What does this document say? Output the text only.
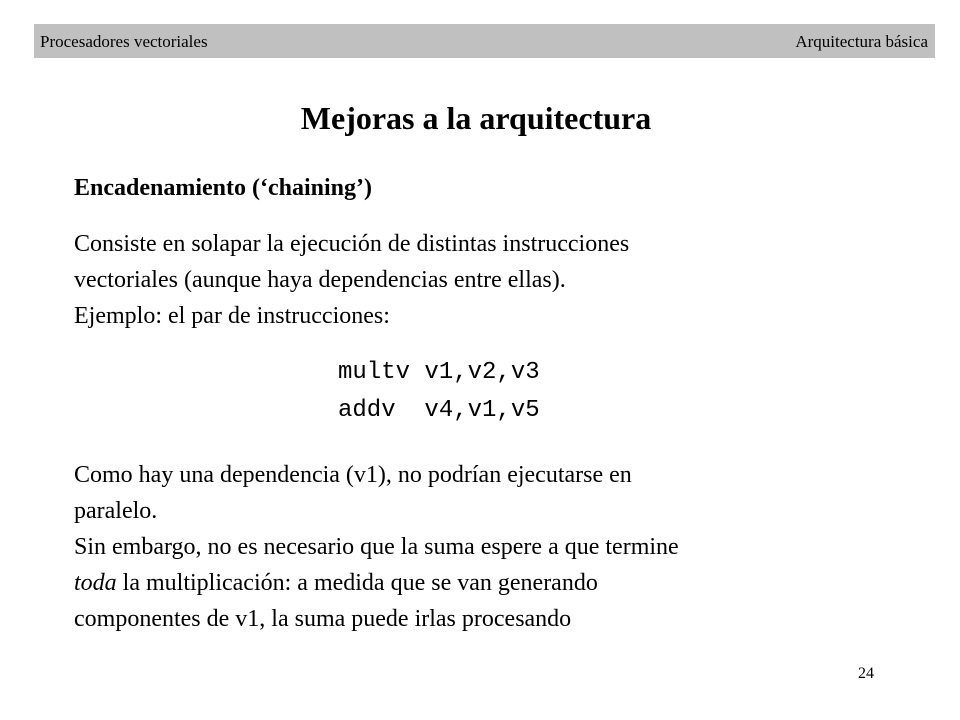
Procesadores vectoriales	Arquitectura básica
Mejoras a la arquitectura
Encadenamiento (‘chaining’)
Consiste en solapar la ejecución de distintas instrucciones
vectoriales (aunque haya dependencias entre ellas).
Ejemplo: el par de instrucciones:
multv v1,v2,v3
addv  v4,v1,v5
Como hay una dependencia (v1), no podrían ejecutarse en
paralelo.
Sin embargo, no es necesario que la suma espere a que termine
toda la multiplicación: a medida que se van generando
componentes de v1, la suma puede irlas procesando
24
